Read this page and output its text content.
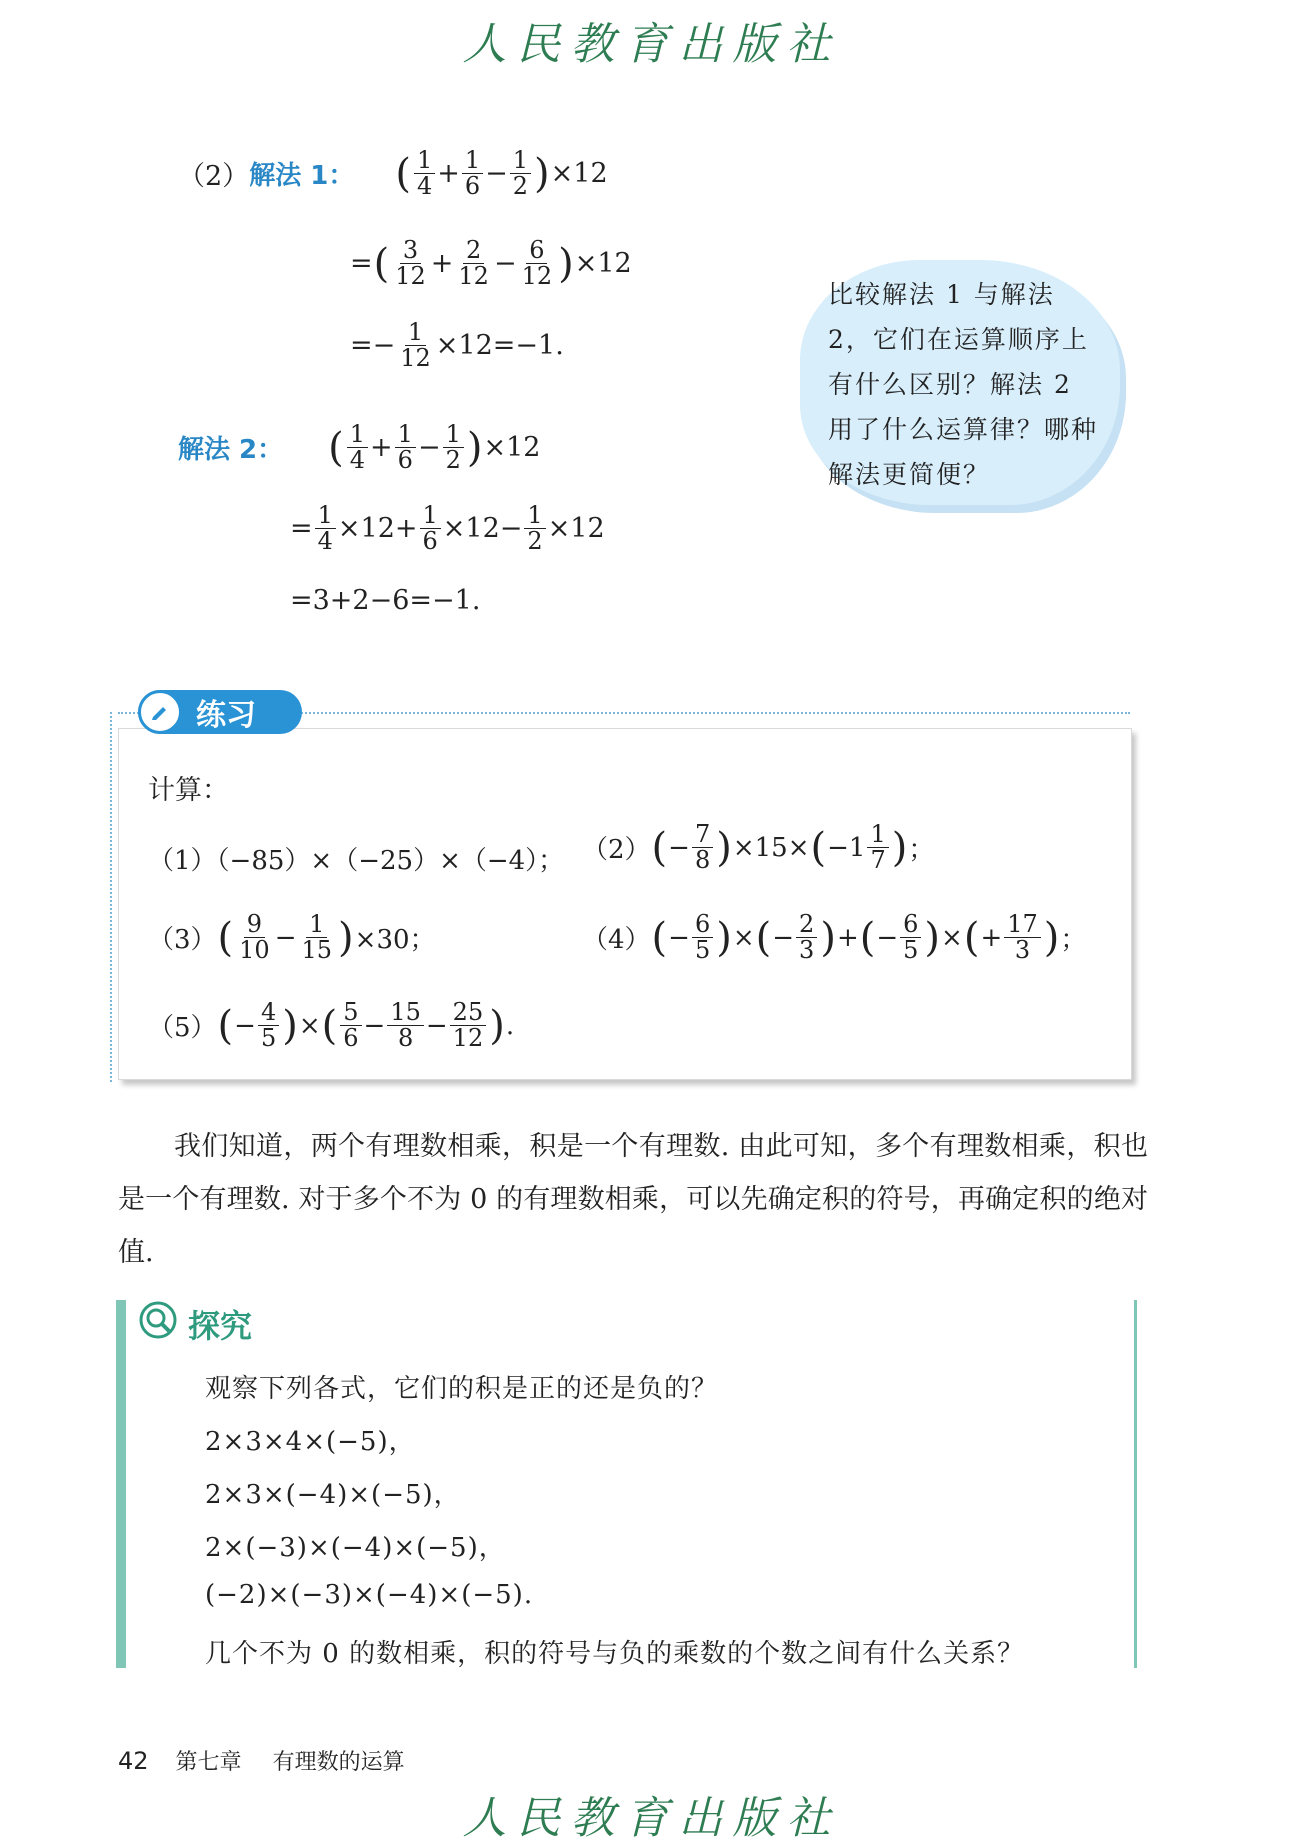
人民教育出版社
（2） 解法 1： ( $\frac{1}{4} + \frac{1}{6} - \frac{1}{2}$ ) ×12
= ( $\frac{3}{12} + \frac{2}{12} - \frac{6}{12}$ ) ×12
=− $\frac{1}{12} \times 12=-1$.
解法 2： ( $\frac{1}{4} + \frac{1}{6} - \frac{1}{2}$ ) ×12
= $\frac{1}{4} \times 12+ \frac{1}{6} \times 12- \frac{1}{2} \times 12$
=3+2−6=−1.
比较解法 1 与解法 2，它们在运算顺序上有什么区别？解法 2 用了什么运算律？哪种解法更简便？
练习
计算：
（1）（−85）×（−25）×（−4）； （2） ( − $\frac{7}{8}$ ) ×15× ( $-1 \frac{1}{7}$ ) ；
（3） ( $\frac{9}{10} - \frac{1}{15}$ ) ×30；	（4） ( − $\frac{6}{5}$ ) × ( − $\frac{2}{3}$ ) + ( − $\frac{6}{5}$ ) × ( + $\frac{17}{3}$ ) ；
（5） ( − $\frac{4}{5}$ ) × ( $\frac{5}{6} - \frac{15}{8} - \frac{25}{12}$ ) .
我们知道，两个有理数相乘，积是一个有理数. 由此可知，多个有理数相乘，积也是一个有理数. 对于多个不为 0 的有理数相乘，可以先确定积的符号，再确定积的绝对值.
探究
观察下列各式，它们的积是正的还是负的？
2×3×4×(−5)，
2×3×(−4)×(−5)，
2×(−3)×(−4)×(−5)，
(−2)×(−3)×(−4)×(−5).
几个不为 0 的数相乘，积的符号与负的乘数的个数之间有什么关系？
42 第七章 有理数的运算
人民教育出版社
